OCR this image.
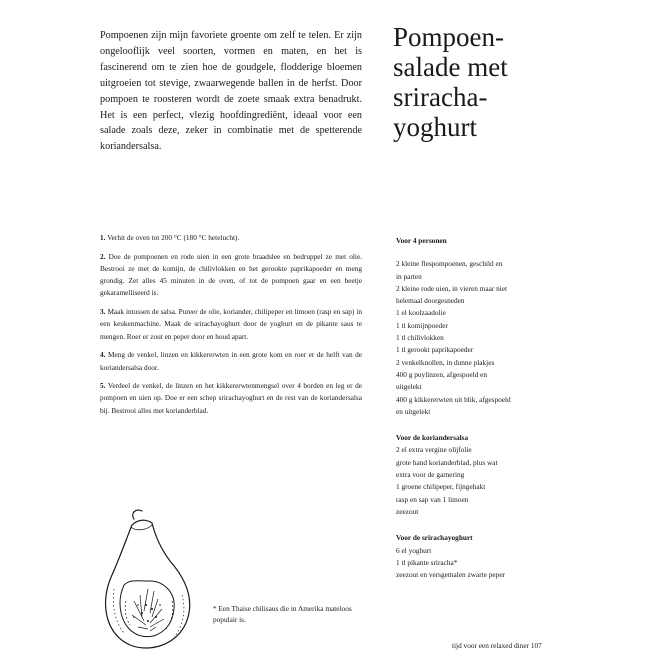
Pompoenen zijn mijn favoriete groente om zelf te telen. Er zijn ongelooflijk veel soorten, vormen en maten, en het is fascinerend om te zien hoe de goudgele, flodderige bloemen uitgroeien tot stevige, zwaarwegende ballen in de herfst. Door pompoen te roosteren wordt de zoete smaak extra benadrukt. Het is een perfect, vlezig hoofdingrediënt, ideaal voor een salade zoals deze, zeker in combinatie met de spetterende koriandersalsa.
Pompoen-
salade met
sriracha-
yoghurt

1. Verhit de oven tot 200 °C (180 °C hetelucht).

2. Doe de pompoenen en rode uien in een grote braadslee en bedruppel ze met olie. Bestrooi ze met de komijn, de chilivlokken en het gerookte paprikapoeder en meng grondig. Zet alles 45 minuten in de oven, of tot de pompoen gaar en een beetje gekaramelliseerd is.

3. Maak intussen de salsa. Pureer de olie, koriander, chilipeper en limoen (rasp en sap) in een keukenmachine. Maak de srirachayoghurt door de yoghurt en de pikante saus te mengen. Roer er zout en peper door en houd apart.

4. Meng de venkel, linzen en kikkererwten in een grote kom en roer er de helft van de koriandersalsa door.

5. Verdeel de venkel, de linzen en het kikkererwtenmengsel over 4 borden en leg er de pompoen en uien op. Doe er een schep srirachayoghurt en de rest van de koriandersalsa bij. Bestrooi alles met korianderblad.

Voor 4 personen
2 kleine flespompoenen, geschild en
in parten
2 kleine rode uien, in vieren maar niet
helemaal doorgesneden
1 el koolzaadolie
1 tl komijnpoeder
1 tl chilivlokken
1 tl gerookt paprikapoeder
2 venkelknollen, in dunne plakjes
400 g puylinzen, afgespoeld en
uitgelekt
400 g kikkererwten uit blik, afgespoeld
en uitgelekt
Voor de koriandersalsa
2 el extra vergine olijfolie
grote hand korianderblad, plus wat
extra voor de garnering
1 groene chilipeper, fijngehakt
rasp en sap van 1 limoen
zeezout
Voor de srirachayoghurt
6 el yoghurt
1 tl pikante sriracha*
zeezout en versgemalen zwarte peper
* Een Thaise chilisaus die in Amerika mateloos populair is.
tijd voor een relaxed diner 107
